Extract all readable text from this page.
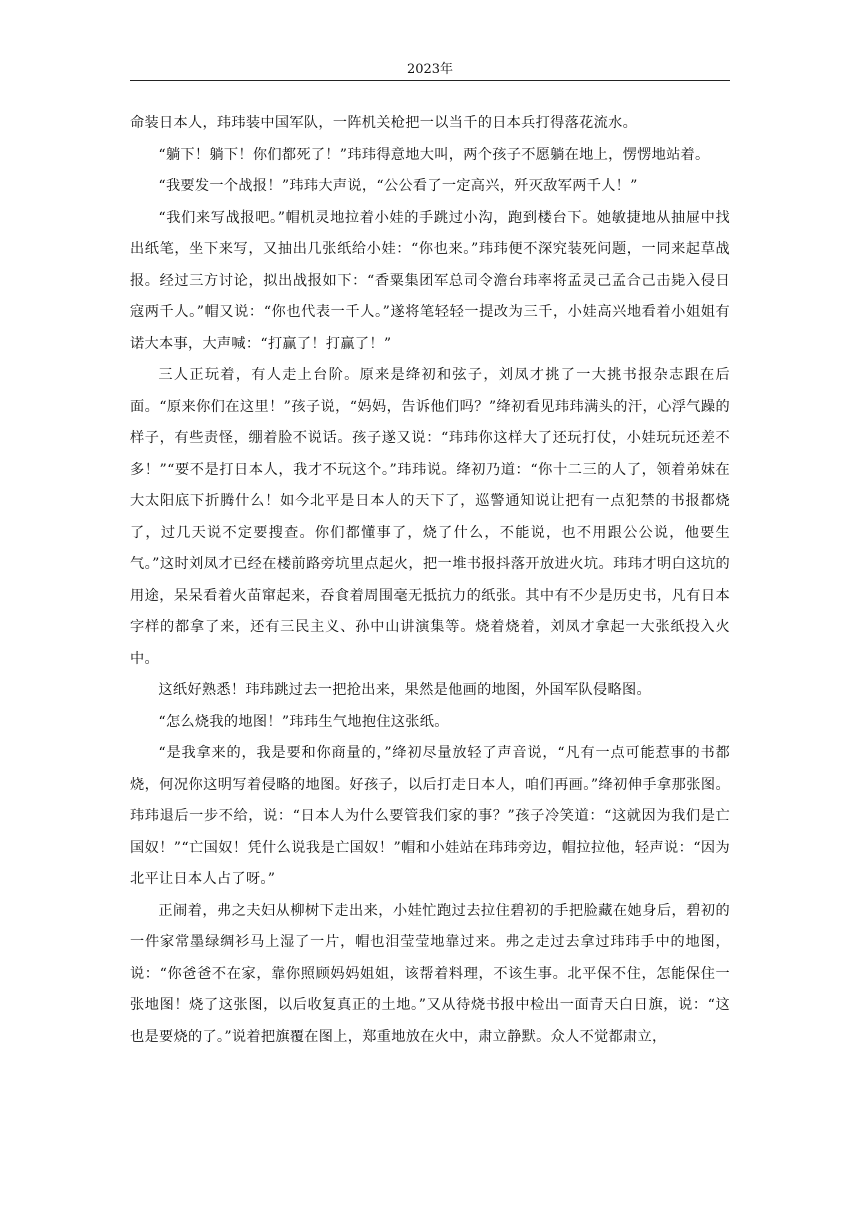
2023年

命装日本人，玮玮装中国军队，一阵机关枪把一以当千的日本兵打得落花流水。

“躺下！躺下！你们都死了！”玮玮得意地大叫，两个孩子不愿躺在地上，愣愣地站着。

“我要发一个战报！”玮玮大声说，“公公看了一定高兴，歼灭敌军两千人！”

“我们来写战报吧。”帽机灵地拉着小娃的手跳过小沟，跑到楼台下。她敏捷地从抽屉中找出纸笔，坐下来写，又抽出几张纸给小娃：“你也来。”玮玮便不深究装死问题，一同来起草战报。经过三方讨论，拟出战报如下：“香粟集团军总司令澹台玮率将孟灵己孟合己击毙入侵日寇两千人。”帽又说：“你也代表一千人。”遂将笔轻轻一提改为三千，小娃高兴地看着小姐姐有诺大本事，大声喊：“打赢了！打赢了！”

三人正玩着，有人走上台阶。原来是绛初和弦子，刘凤才挑了一大挑书报杂志跟在后面。“原来你们在这里！”孩子说，“妈妈，告诉他们吗？”绛初看见玮玮满头的汗，心浮气躁的样子，有些责怪，绷着脸不说话。孩子遂又说：“玮玮你这样大了还玩打仗，小娃玩玩还差不多！”“要不是打日本人，我才不玩这个。”玮玮说。绛初乃道：“你十二三的人了，领着弟妹在大太阳底下折腾什么！如今北平是日本人的天下了，巡警通知说让把有一点犯禁的书报都烧了，过几天说不定要搜查。你们都懂事了，烧了什么，不能说，也不用跟公公说，他要生气。”这时刘凤才已经在楼前路旁坑里点起火，把一堆书报抖落开放进火坑。玮玮才明白这坑的用途，呆呆看着火苗窜起来，吞食着周围毫无抵抗力的纸张。其中有不少是历史书，凡有日本字样的都拿了来，还有三民主义、孙中山讲演集等。烧着烧着，刘凤才拿起一大张纸投入火中。

这纸好熟悉！玮玮跳过去一把抢出来，果然是他画的地图，外国军队侵略图。

“怎么烧我的地图！”玮玮生气地抱住这张纸。

“是我拿来的，我是要和你商量的，”绛初尽量放轻了声音说，“凡有一点可能惹事的书都烧，何况你这明写着侵略的地图。好孩子，以后打走日本人，咱们再画。”绛初伸手拿那张图。玮玮退后一步不给，说：“日本人为什么要管我们家的事？”孩子冷笑道：“这就因为我们是亡国奴！”“亡国奴！凭什么说我是亡国奴！”帽和小娃站在玮玮旁边，帽拉拉他，轻声说：“因为北平让日本人占了呀。”

正闹着，弗之夫妇从柳树下走出来，小娃忙跑过去拉住碧初的手把脸藏在她身后，碧初的一件家常墨绿绸衫马上湿了一片，帽也泪莹莹地靠过来。弗之走过去拿过玮玮手中的地图，说：“你爸爸不在家，靠你照顾妈妈姐姐，该帮着料理，不该生事。北平保不住，怎能保住一张地图！烧了这张图，以后收复真正的土地。”又从待烧书报中检出一面青天白日旗，说：“这也是要烧的了。”说着把旗覆在图上，郑重地放在火中，肃立静默。众人不觉都肃立，
